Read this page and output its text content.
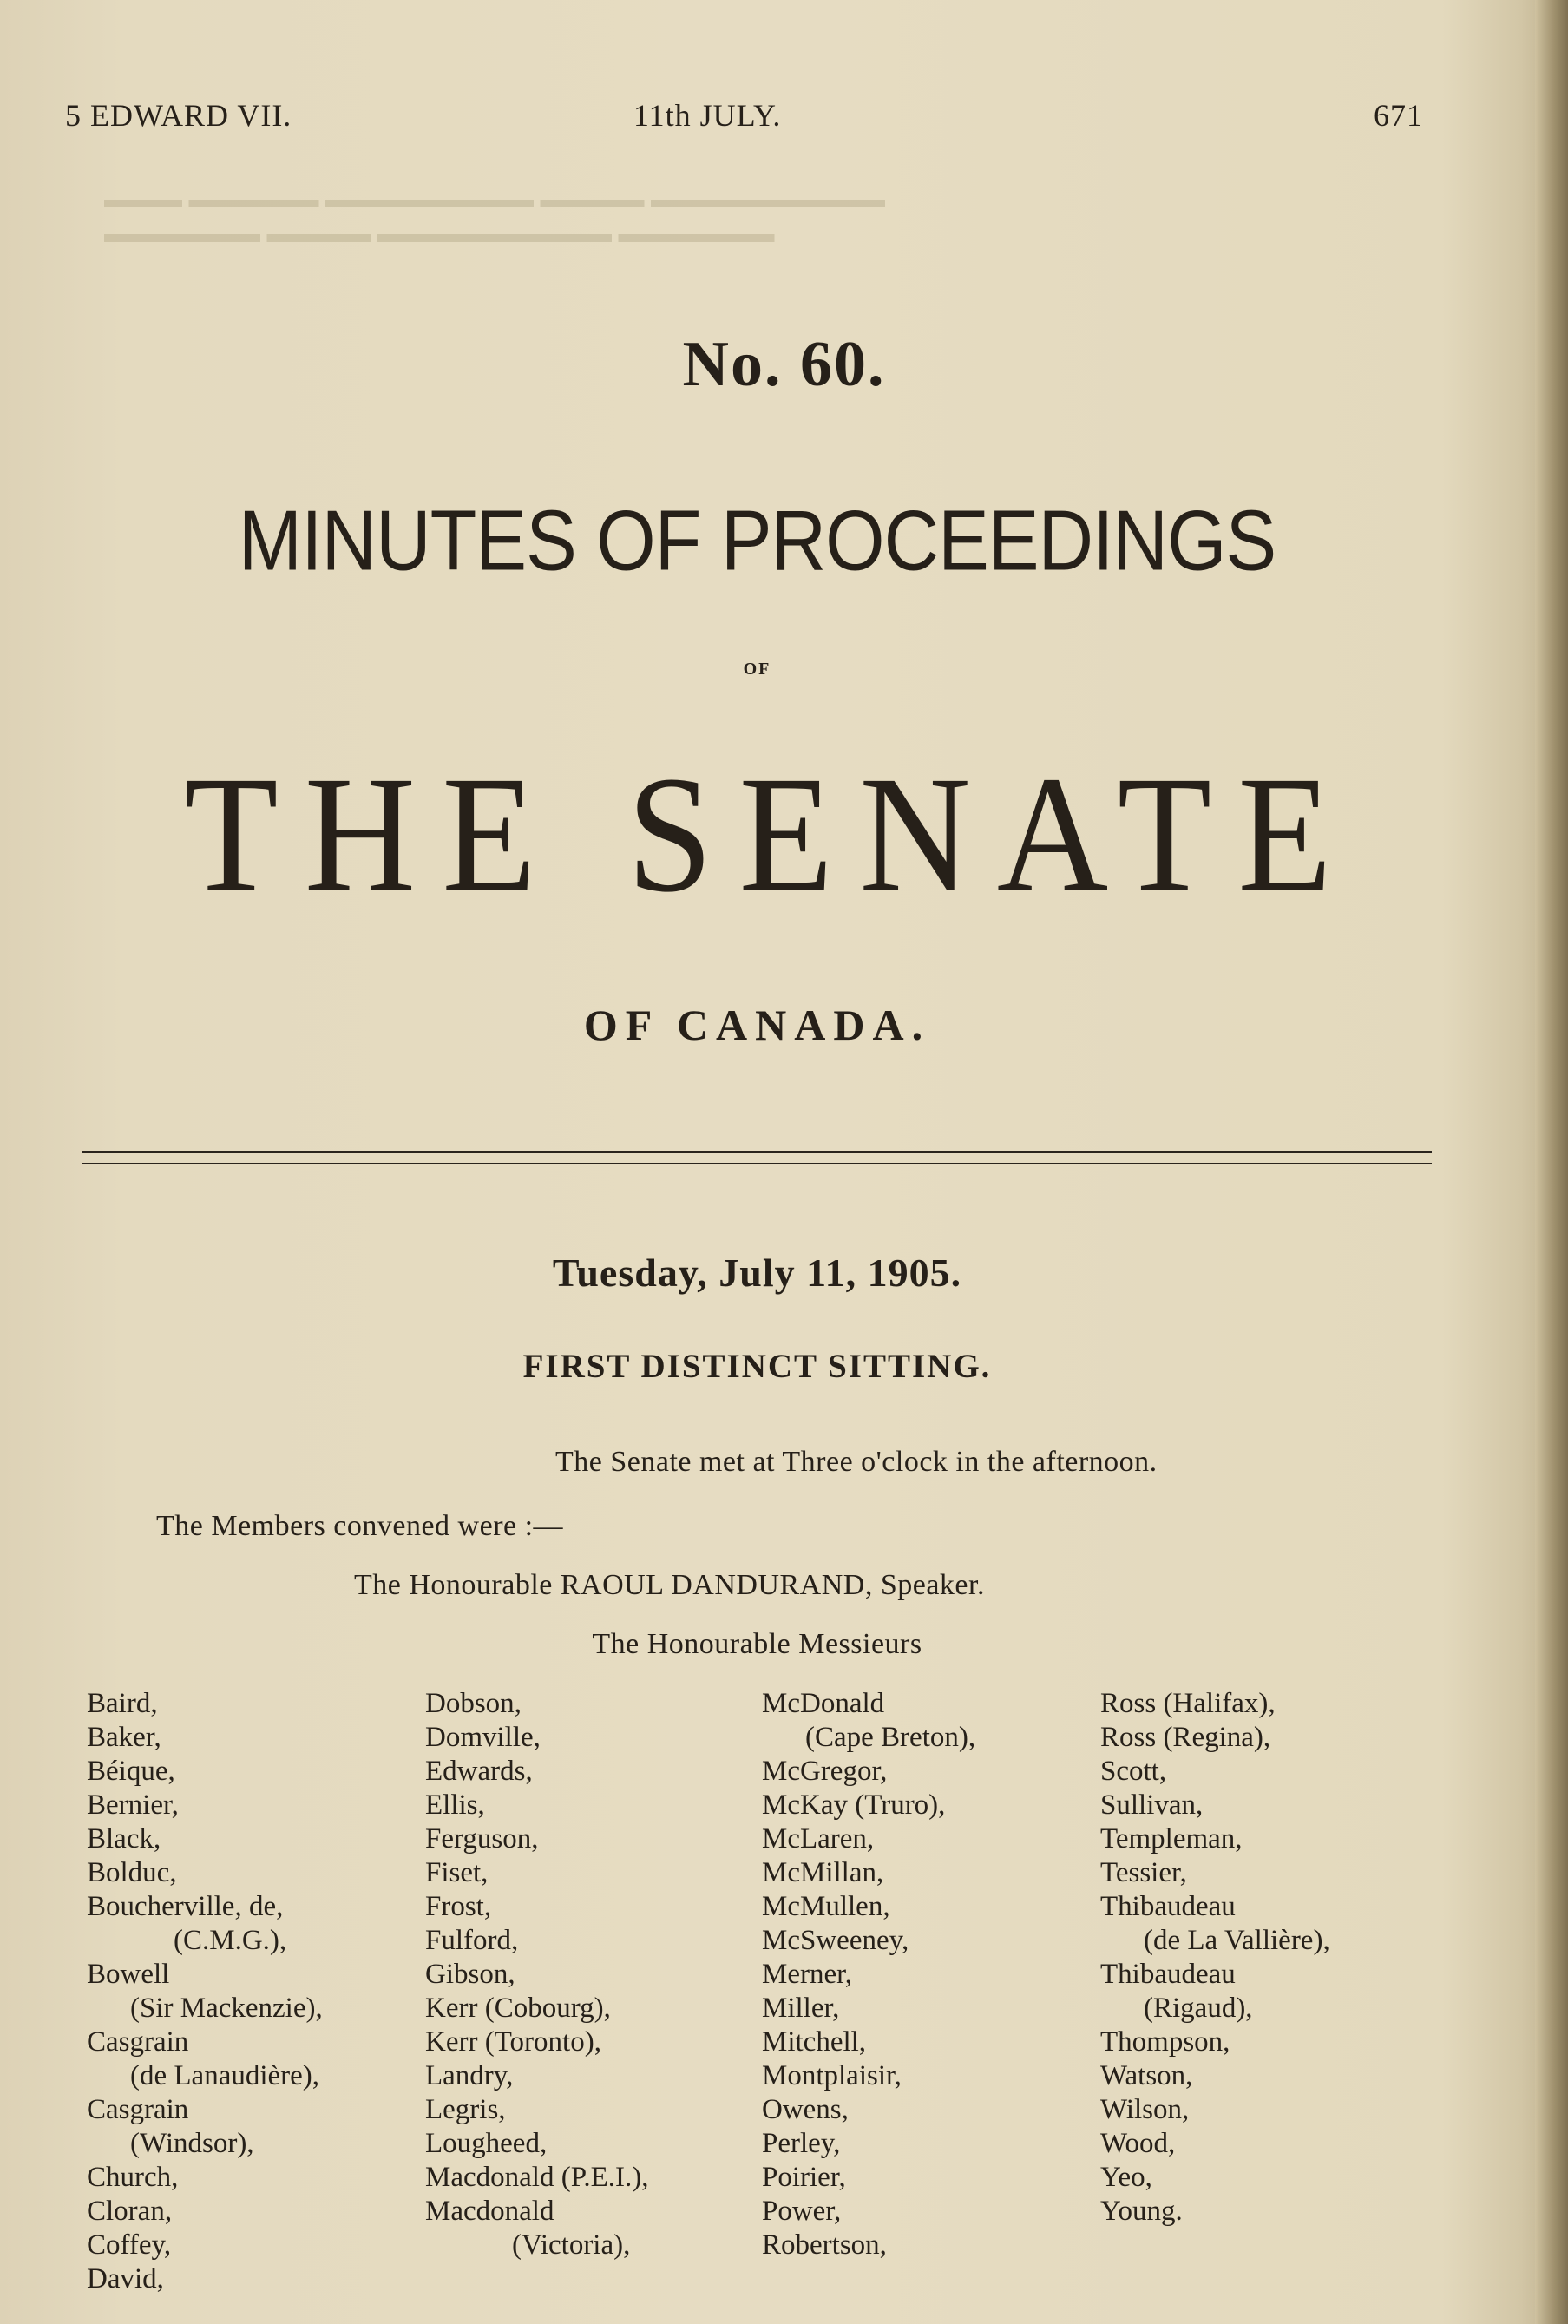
▬▬▬ ▬▬▬▬▬ ▬▬▬▬▬▬▬▬ ▬▬▬▬ ▬▬▬▬▬▬▬▬▬
▬▬▬▬▬▬ ▬▬▬▬ ▬▬▬▬▬▬▬▬▬ ▬▬▬▬▬▬
5 EDWARD VII.	11th JULY.	671
No. 60.
MINUTES OF PROCEEDINGS
OF
THE SENATE
OF CANADA.
Tuesday, July 11, 1905.
FIRST DISTINCT SITTING.
The Senate met at Three o'clock in the afternoon.
The Members convened were :—
The Honourable RAOUL DANDURAND, Speaker.
The Honourable Messieurs
Baird,
Baker,
Béique,
Bernier,
Black,
Bolduc,
Boucherville, de,
(C.M.G.),
Bowell
(Sir Mackenzie),
Casgrain
(de Lanaudière),
Casgrain
(Windsor),
Church,
Cloran,
Coffey,
David,
Dobson,
Domville,
Edwards,
Ellis,
Ferguson,
Fiset,
Frost,
Fulford,
Gibson,
Kerr (Cobourg),
Kerr (Toronto),
Landry,
Legris,
Lougheed,
Macdonald (P.E.I.),
Macdonald
(Victoria),
McDonald
(Cape Breton),
McGregor,
McKay (Truro),
McLaren,
McMillan,
McMullen,
McSweeney,
Merner,
Miller,
Mitchell,
Montplaisir,
Owens,
Perley,
Poirier,
Power,
Robertson,
Ross (Halifax),
Ross (Regina),
Scott,
Sullivan,
Templeman,
Tessier,
Thibaudeau
(de La Vallière),
Thibaudeau
(Rigaud),
Thompson,
Watson,
Wilson,
Wood,
Yeo,
Young.
